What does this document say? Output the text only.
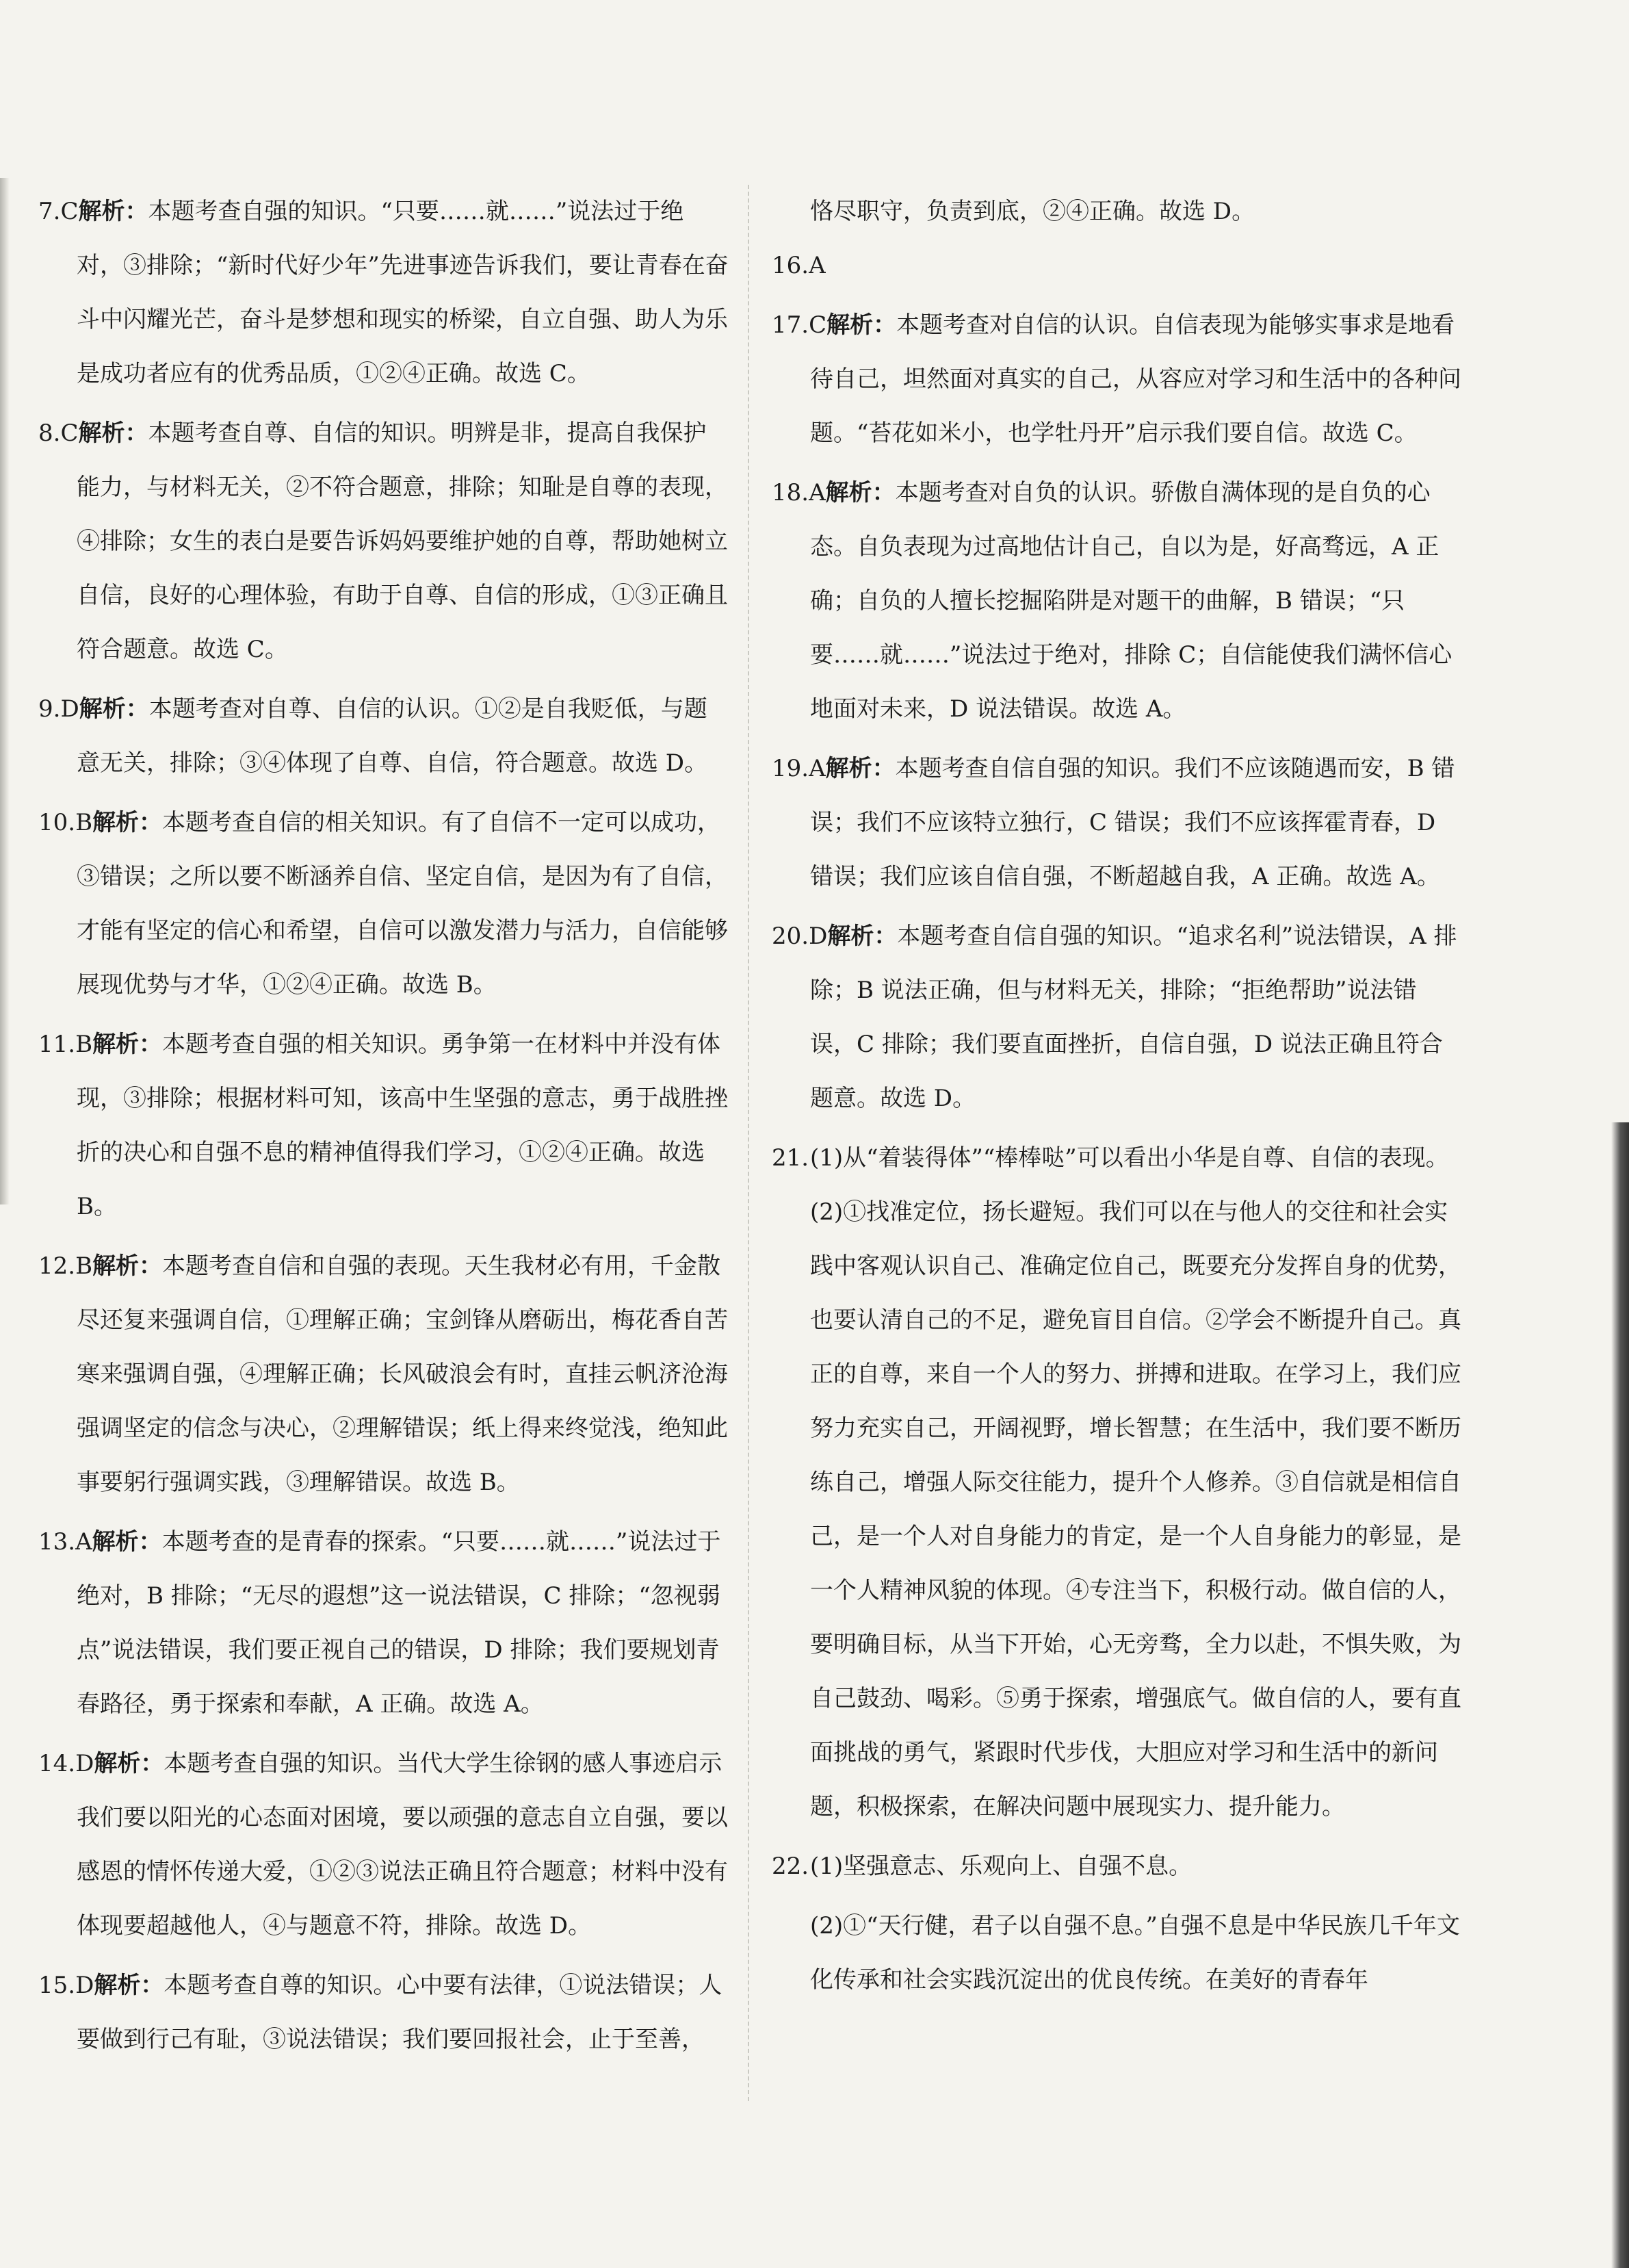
7.C解析：本题考查自强的知识。“只要……就……”说法过于绝对，③排除；“新时代好少年”先进事迹告诉我们，要让青春在奋斗中闪耀光芒，奋斗是梦想和现实的桥梁，自立自强、助人为乐是成功者应有的优秀品质，①②④正确。故选 C。
8.C解析：本题考查自尊、自信的知识。明辨是非，提高自我保护能力，与材料无关，②不符合题意，排除；知耻是自尊的表现，④排除；女生的表白是要告诉妈妈要维护她的自尊，帮助她树立自信，良好的心理体验，有助于自尊、自信的形成，①③正确且符合题意。故选 C。
9.D解析：本题考查对自尊、自信的认识。①②是自我贬低，与题意无关，排除；③④体现了自尊、自信，符合题意。故选 D。
10.B解析：本题考查自信的相关知识。有了自信不一定可以成功，③错误；之所以要不断涵养自信、坚定自信，是因为有了自信，才能有坚定的信心和希望，自信可以激发潜力与活力，自信能够展现优势与才华，①②④正确。故选 B。
11.B解析：本题考查自强的相关知识。勇争第一在材料中并没有体现，③排除；根据材料可知，该高中生坚强的意志，勇于战胜挫折的决心和自强不息的精神值得我们学习，①②④正确。故选 B。
12.B解析：本题考查自信和自强的表现。天生我材必有用，千金散尽还复来强调自信，①理解正确；宝剑锋从磨砺出，梅花香自苦寒来强调自强，④理解正确；长风破浪会有时，直挂云帆济沧海强调坚定的信念与决心，②理解错误；纸上得来终觉浅，绝知此事要躬行强调实践，③理解错误。故选 B。
13.A解析：本题考查的是青春的探索。“只要……就……”说法过于绝对，B 排除；“无尽的遐想”这一说法错误，C 排除；“忽视弱点”说法错误，我们要正视自己的错误，D 排除；我们要规划青春路径，勇于探索和奉献，A 正确。故选 A。
14.D解析：本题考查自强的知识。当代大学生徐钢的感人事迹启示我们要以阳光的心态面对困境，要以顽强的意志自立自强，要以感恩的情怀传递大爱，①②③说法正确且符合题意；材料中没有体现要超越他人，④与题意不符，排除。故选 D。
15.D解析：本题考查自尊的知识。心中要有法律，①说法错误；人要做到行己有耻，③说法错误；我们要回报社会，止于至善，
恪尽职守，负责到底，②④正确。故选 D。
16.A
17.C解析：本题考查对自信的认识。自信表现为能够实事求是地看待自己，坦然面对真实的自己，从容应对学习和生活中的各种问题。“苔花如米小，也学牡丹开”启示我们要自信。故选 C。
18.A解析：本题考查对自负的认识。骄傲自满体现的是自负的心态。自负表现为过高地估计自己，自以为是，好高骛远，A 正确；自负的人擅长挖掘陷阱是对题干的曲解，B 错误；“只要……就……”说法过于绝对，排除 C；自信能使我们满怀信心地面对未来，D 说法错误。故选 A。
19.A解析：本题考查自信自强的知识。我们不应该随遇而安，B 错误；我们不应该特立独行，C 错误；我们不应该挥霍青春，D 错误；我们应该自信自强，不断超越自我，A 正确。故选 A。
20.D解析：本题考查自信自强的知识。“追求名利”说法错误，A 排除；B 说法正确，但与材料无关，排除；“拒绝帮助”说法错误，C 排除；我们要直面挫折，自信自强，D 说法正确且符合题意。故选 D。
21.(1)从“着装得体”“棒棒哒”可以看出小华是自尊、自信的表现。(2)①找准定位，扬长避短。我们可以在与他人的交往和社会实践中客观认识自己、准确定位自己，既要充分发挥自身的优势，也要认清自己的不足，避免盲目自信。②学会不断提升自己。真正的自尊，来自一个人的努力、拼搏和进取。在学习上，我们应努力充实自己，开阔视野，增长智慧；在生活中，我们要不断历练自己，增强人际交往能力，提升个人修养。③自信就是相信自己，是一个人对自身能力的肯定，是一个人自身能力的彰显，是一个人精神风貌的体现。④专注当下，积极行动。做自信的人，要明确目标，从当下开始，心无旁骛，全力以赴，不惧失败，为自己鼓劲、喝彩。⑤勇于探索，增强底气。做自信的人，要有直面挑战的勇气，紧跟时代步伐，大胆应对学习和生活中的新问题，积极探索，在解决问题中展现实力、提升能力。
22.(1)坚强意志、乐观向上、自强不息。
(2)①“天行健，君子以自强不息。”自强不息是中华民族几千年文化传承和社会实践沉淀出的优良传统。在美好的青春年
